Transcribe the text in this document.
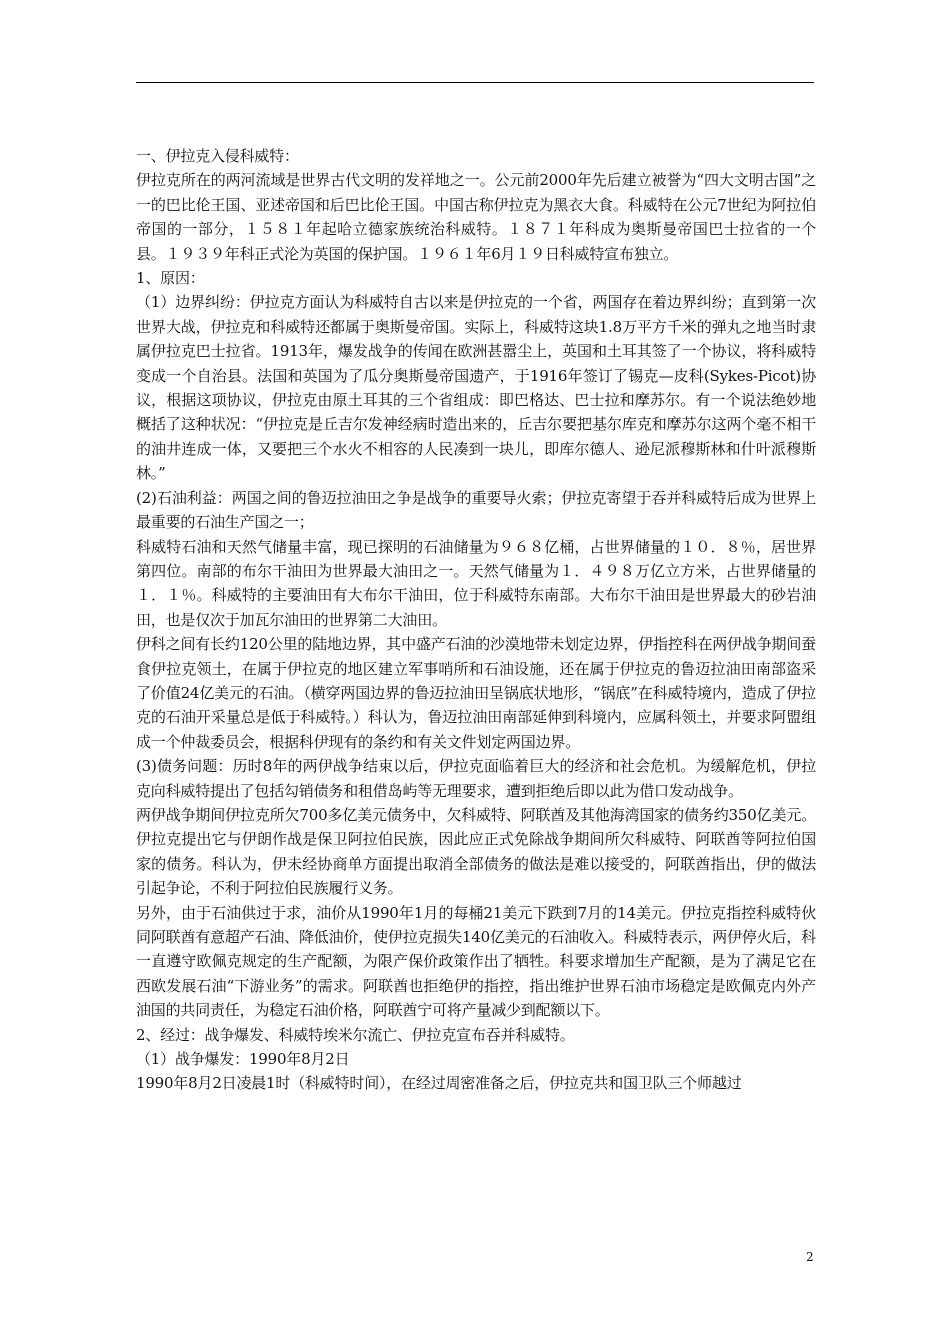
一、伊拉克入侵科威特：

伊拉克所在的两河流域是世界古代文明的发祥地之一。公元前2000年先后建立被誉为“四大文明古国”之一的巴比伦王国、亚述帝国和后巴比伦王国。中国古称伊拉克为黑衣大食。科威特在公元7世纪为阿拉伯帝国的一部分，１５８１年起哈立德家族统治科威特。１８７１年科成为奥斯曼帝国巴士拉省的一个县。１９３９年科正式沦为英国的保护国。１９６１年6月１９日科威特宣布独立。

1、原因：

（1）边界纠纷：伊拉克方面认为科威特自古以来是伊拉克的一个省，两国存在着边界纠纷；直到第一次世界大战，伊拉克和科威特还都属于奥斯曼帝国。实际上，科威特这块1.8万平方千米的弹丸之地当时隶属伊拉克巴士拉省。1913年，爆发战争的传闻在欧洲甚嚣尘上，英国和土耳其签了一个协议，将科威特变成一个自治县。法国和英国为了瓜分奥斯曼帝国遗产，于1916年签订了锡克—皮科(Sykes-Picot)协议，根据这项协议，伊拉克由原土耳其的三个省组成：即巴格达、巴士拉和摩苏尔。有一个说法绝妙地概括了这种状况：“伊拉克是丘吉尔发神经病时造出来的，丘吉尔要把基尔库克和摩苏尔这两个毫不相干的油井连成一体，又要把三个水火不相容的人民凑到一块儿，即库尔德人、逊尼派穆斯林和什叶派穆斯林。”

(2)石油利益：两国之间的鲁迈拉油田之争是战争的重要导火索；伊拉克寄望于吞并科威特后成为世界上最重要的石油生产国之一；

科威特石油和天然气储量丰富，现已探明的石油储量为９６８亿桶，占世界储量的１０．８％，居世界第四位。南部的布尔干油田为世界最大油田之一。天然气储量为１．４９８万亿立方米，占世界储量的１．１％。科威特的主要油田有大布尔干油田，位于科威特东南部。大布尔干油田是世界最大的砂岩油田，也是仅次于加瓦尔油田的世界第二大油田。

伊科之间有长约120公里的陆地边界，其中盛产石油的沙漠地带未划定边界，伊指控科在两伊战争期间蚕食伊拉克领土，在属于伊拉克的地区建立军事哨所和石油设施，还在属于伊拉克的鲁迈拉油田南部盗采了价值24亿美元的石油。（横穿两国边界的鲁迈拉油田呈锅底状地形，“锅底”在科威特境内，造成了伊拉克的石油开采量总是低于科威特。）科认为，鲁迈拉油田南部延伸到科境内，应属科领土，并要求阿盟组成一个仲裁委员会，根据科伊现有的条约和有关文件划定两国边界。

(3)债务问题：历时8年的两伊战争结束以后，伊拉克面临着巨大的经济和社会危机。为缓解危机，伊拉克向科威特提出了包括勾销债务和租借岛屿等无理要求，遭到拒绝后即以此为借口发动战争。

两伊战争期间伊拉克所欠700多亿美元债务中，欠科威特、阿联酋及其他海湾国家的债务约350亿美元。伊拉克提出它与伊朗作战是保卫阿拉伯民族，因此应正式免除战争期间所欠科威特、阿联酋等阿拉伯国家的债务。科认为，伊未经协商单方面提出取消全部债务的做法是难以接受的，阿联酋指出，伊的做法引起争论，不利于阿拉伯民族履行义务。

另外，由于石油供过于求，油价从1990年1月的每桶21美元下跌到7月的14美元。伊拉克指控科威特伙同阿联酋有意超产石油、降低油价，使伊拉克损失140亿美元的石油收入。科威特表示，两伊停火后，科一直遵守欧佩克规定的生产配额，为限产保价政策作出了牺牲。科要求增加生产配额，是为了满足它在西欧发展石油“下游业务”的需求。阿联酋也拒绝伊的指控，指出维护世界石油市场稳定是欧佩克内外产油国的共同责任，为稳定石油价格，阿联酋宁可将产量减少到配额以下。

2、经过：战争爆发、科威特埃米尔流亡、伊拉克宣布吞并科威特。

（1）战争爆发：1990年8月2日

1990年8月2日凌晨1时（科威特时间），在经过周密准备之后，伊拉克共和国卫队三个师越过

2
